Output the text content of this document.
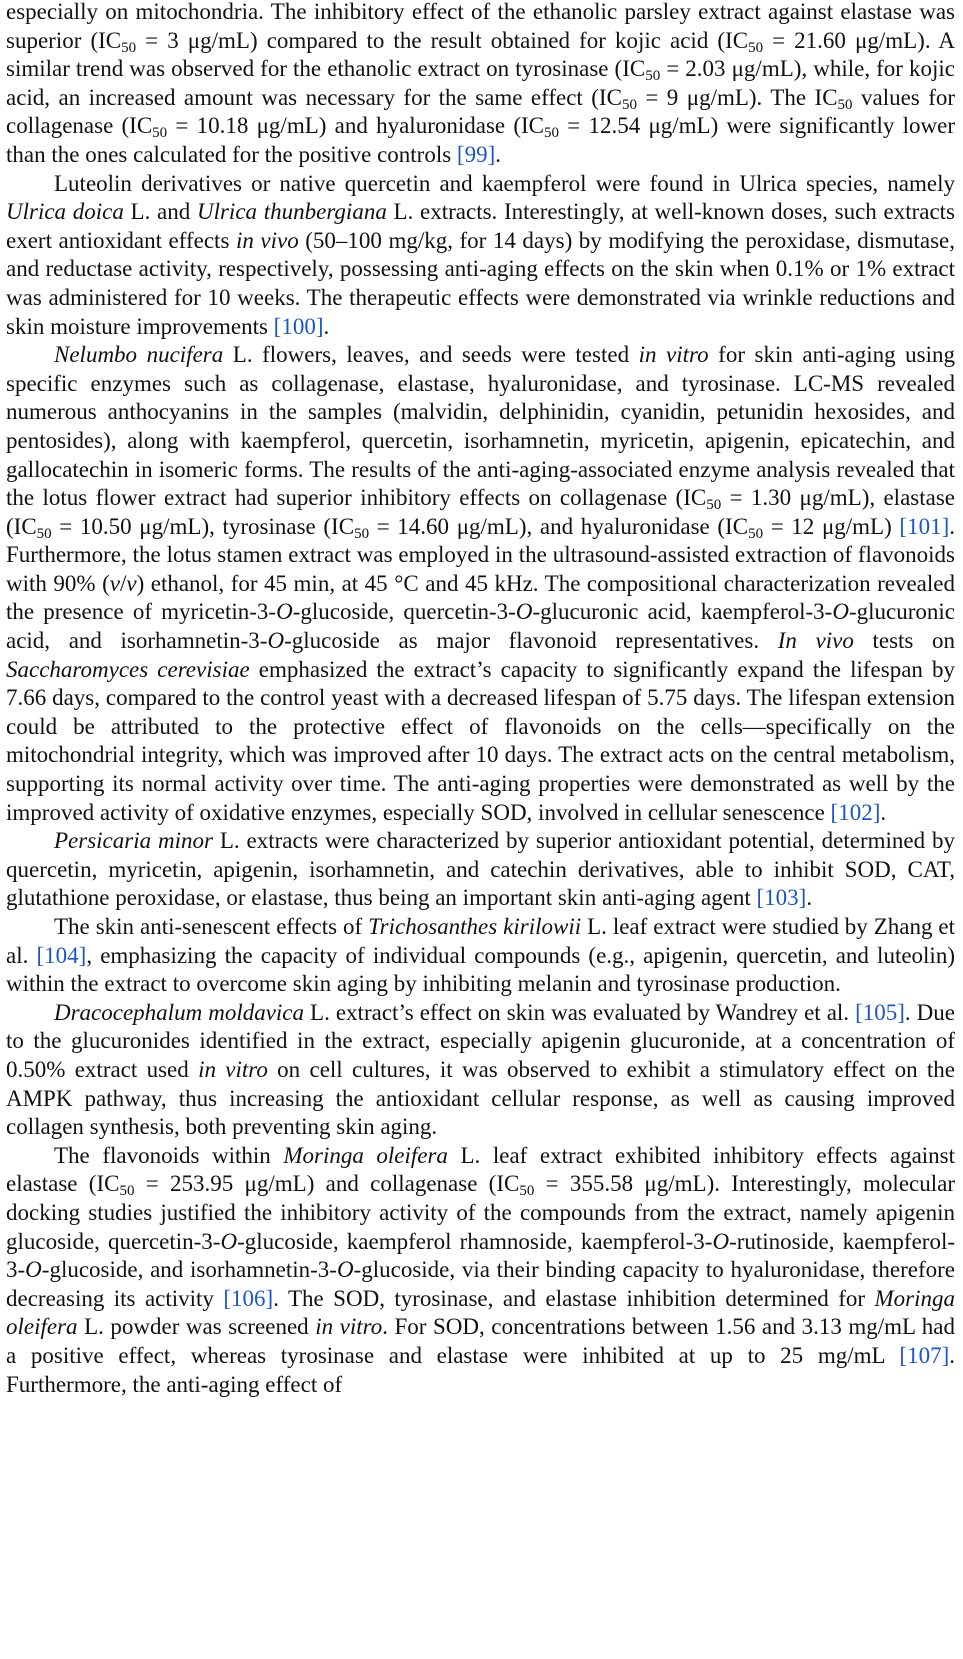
especially on mitochondria. The inhibitory effect of the ethanolic parsley extract against elastase was superior ($IC_{50} = 3$ μg/mL) compared to the result obtained for kojic acid ($IC_{50} = 21.60$ μg/mL). A similar trend was observed for the ethanolic extract on tyrosinase ($IC_{50} = 2.03$ μg/mL), while, for kojic acid, an increased amount was necessary for the same effect ($IC_{50} = 9$ μg/mL). The $IC_{50}$ values for collagenase ($IC_{50} = 10.18$ μg/mL) and hyaluronidase ($IC_{50} = 12.54$ μg/mL) were significantly lower than the ones calculated for the positive controls [99].

Luteolin derivatives or native quercetin and kaempferol were found in Ulrica species, namely Ulrica doica L. and Ulrica thunbergiana L. extracts. Interestingly, at well-known doses, such extracts exert antioxidant effects in vivo (50–100 mg/kg, for 14 days) by modifying the peroxidase, dismutase, and reductase activity, respectively, possessing anti-aging effects on the skin when 0.1% or 1% extract was administered for 10 weeks. The therapeutic effects were demonstrated via wrinkle reductions and skin moisture improvements [100].

Nelumbo nucifera L. flowers, leaves, and seeds were tested in vitro for skin anti-aging using specific enzymes such as collagenase, elastase, hyaluronidase, and tyrosinase. LC-MS revealed numerous anthocyanins in the samples (malvidin, delphinidin, cyanidin, petunidin hexosides, and pentosides), along with kaempferol, quercetin, isorhamnetin, myricetin, apigenin, epicatechin, and gallocatechin in isomeric forms. The results of the anti-aging-associated enzyme analysis revealed that the lotus flower extract had superior inhibitory effects on collagenase ($IC_{50} = 1.30$ μg/mL), elastase ($IC_{50} = 10.50$ μg/mL), tyrosinase ($IC_{50} = 14.60$ μg/mL), and hyaluronidase ($IC_{50} = 12$ μg/mL) [101]. Furthermore, the lotus stamen extract was employed in the ultrasound-assisted extraction of flavonoids with 90% (v/v) ethanol, for 45 min, at 45 °C and 45 kHz. The compositional characterization revealed the presence of myricetin-3-O-glucoside, quercetin-3-O-glucuronic acid, kaempferol-3-O-glucuronic acid, and isorhamnetin-3-O-glucoside as major flavonoid representatives. In vivo tests on Saccharomyces cerevisiae emphasized the extract’s capacity to significantly expand the lifespan by 7.66 days, compared to the control yeast with a decreased lifespan of 5.75 days. The lifespan extension could be attributed to the protective effect of flavonoids on the cells—specifically on the mitochondrial integrity, which was improved after 10 days. The extract acts on the central metabolism, supporting its normal activity over time. The anti-aging properties were demonstrated as well by the improved activity of oxidative enzymes, especially SOD, involved in cellular senescence [102].

Persicaria minor L. extracts were characterized by superior antioxidant potential, determined by quercetin, myricetin, apigenin, isorhamnetin, and catechin derivatives, able to inhibit SOD, CAT, glutathione peroxidase, or elastase, thus being an important skin anti-aging agent [103].

The skin anti-senescent effects of Trichosanthes kirilowii L. leaf extract were studied by Zhang et al. [104], emphasizing the capacity of individual compounds (e.g., apigenin, quercetin, and luteolin) within the extract to overcome skin aging by inhibiting melanin and tyrosinase production.

Dracocephalum moldavica L. extract’s effect on skin was evaluated by Wandrey et al. [105]. Due to the glucuronides identified in the extract, especially apigenin glucuronide, at a concentration of 0.50% extract used in vitro on cell cultures, it was observed to exhibit a stimulatory effect on the AMPK pathway, thus increasing the antioxidant cellular response, as well as causing improved collagen synthesis, both preventing skin aging.

The flavonoids within Moringa oleifera L. leaf extract exhibited inhibitory effects against elastase ($IC_{50} = 253.95$ μg/mL) and collagenase ($IC_{50} = 355.58$ μg/mL). Interestingly, molecular docking studies justified the inhibitory activity of the compounds from the extract, namely apigenin glucoside, quercetin-3-O-glucoside, kaempferol rhamnoside, kaempferol-3-O-rutinoside, kaempferol-3-O-glucoside, and isorhamnetin-3-O-glucoside, via their binding capacity to hyaluronidase, therefore decreasing its activity [106]. The SOD, tyrosinase, and elastase inhibition determined for Moringa oleifera L. powder was screened in vitro. For SOD, concentrations between 1.56 and 3.13 mg/mL had a positive effect, whereas tyrosinase and elastase were inhibited at up to 25 mg/mL [107]. Furthermore, the anti-aging effect of
